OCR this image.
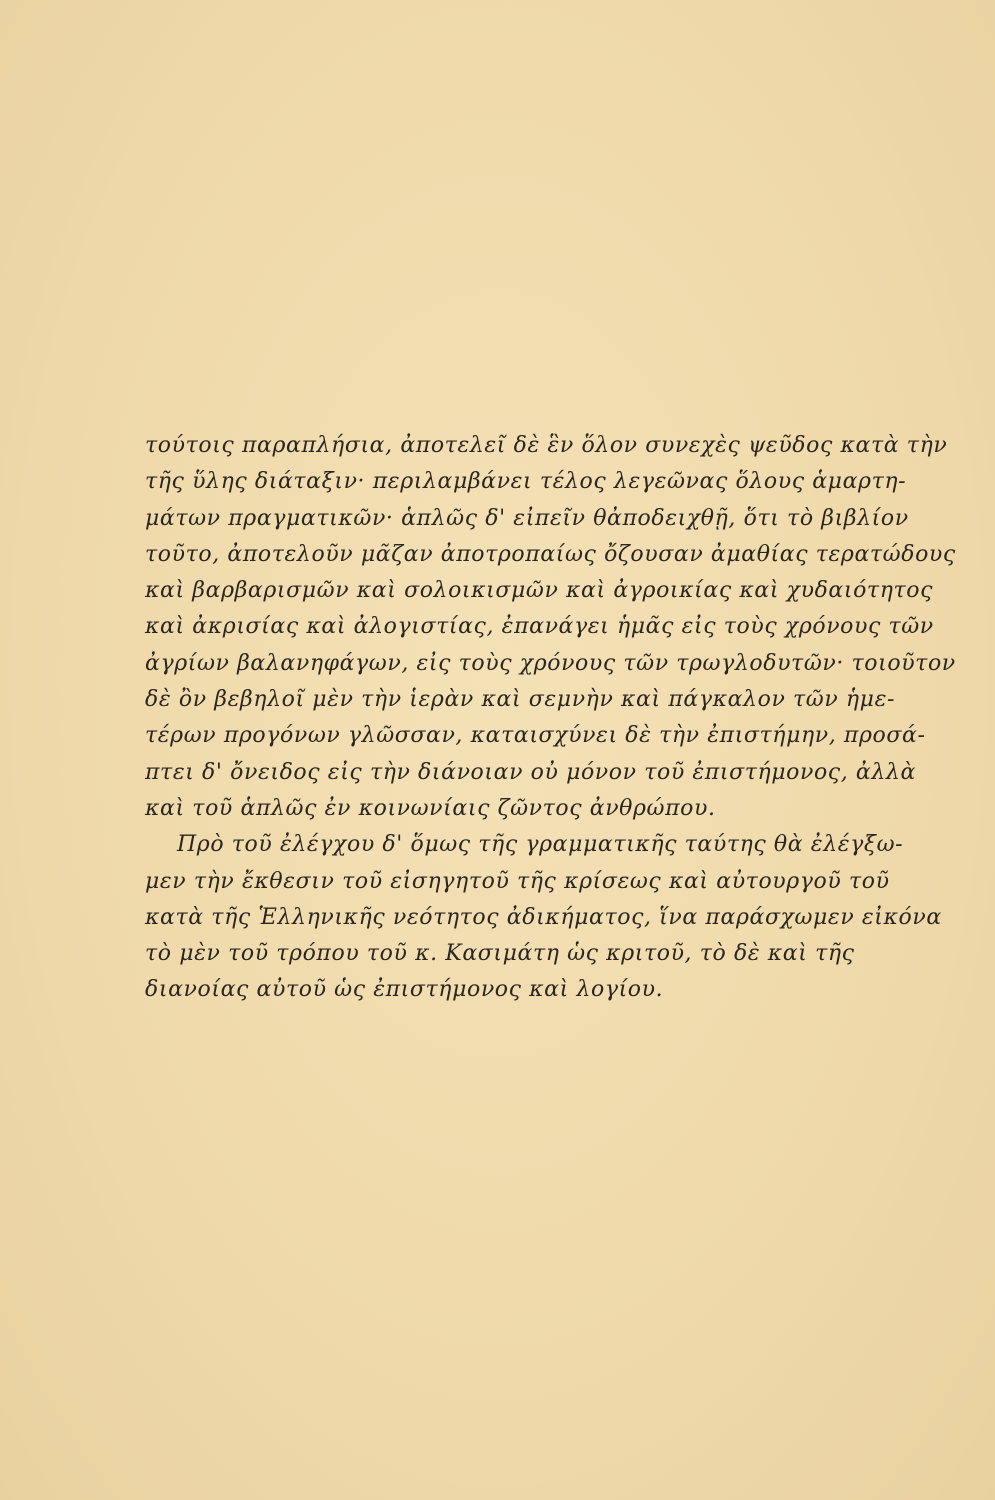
τούτοις παραπλήσια, ἀποτελεῖ δὲ ἓν ὅλον συνεχὲς ψεῦδος κατὰ τὴν
τῆς ὕλης διάταξιν· περιλαμβάνει τέλος λεγεῶνας ὅλους ἁμαρτη-
μάτων πραγματικῶν· ἁπλῶς δ' εἰπεῖν θἀποδειχθῇ, ὅτι τὸ βιβλίον
τοῦτο, ἀποτελοῦν μᾶζαν ἀποτροπαίως ὄζουσαν ἀμαθίας τερατώδους
καὶ βαρβαρισμῶν καὶ σολοικισμῶν καὶ ἀγροικίας καὶ χυδαιότητος
καὶ ἀκρισίας καὶ ἀλογιστίας, ἐπανάγει ἡμᾶς εἰς τοὺς χρόνους τῶν
ἀγρίων βαλανηφάγων, εἰς τοὺς χρόνους τῶν τρωγλοδυτῶν· τοιοῦτον
δὲ ὂν βεβηλοῖ μὲν τὴν ἱερὰν καὶ σεμνὴν καὶ πάγκαλον τῶν ἡμε-
τέρων προγόνων γλῶσσαν, καταισχύνει δὲ τὴν ἐπιστήμην, προσά-
πτει δ' ὄνειδος εἰς τὴν διάνοιαν οὐ μόνον τοῦ ἐπιστήμονος, ἀλλὰ
καὶ τοῦ ἁπλῶς ἐν κοινωνίαις ζῶντος ἀνθρώπου.
Πρὸ τοῦ ἐλέγχου δ' ὅμως τῆς γραμματικῆς ταύτης θὰ ἐλέγξω-
μεν τὴν ἔκθεσιν τοῦ εἰσηγητοῦ τῆς κρίσεως καὶ αὐτουργοῦ τοῦ
κατὰ τῆς Ἑλληνικῆς νεότητος ἀδικήματος, ἵνα παράσχωμεν εἰκόνα
τὸ μὲν τοῦ τρόπου τοῦ κ. Κασιμάτη ὡς κριτοῦ, τὸ δὲ καὶ τῆς
διανοίας αὐτοῦ ὡς ἐπιστήμονος καὶ λογίου.
